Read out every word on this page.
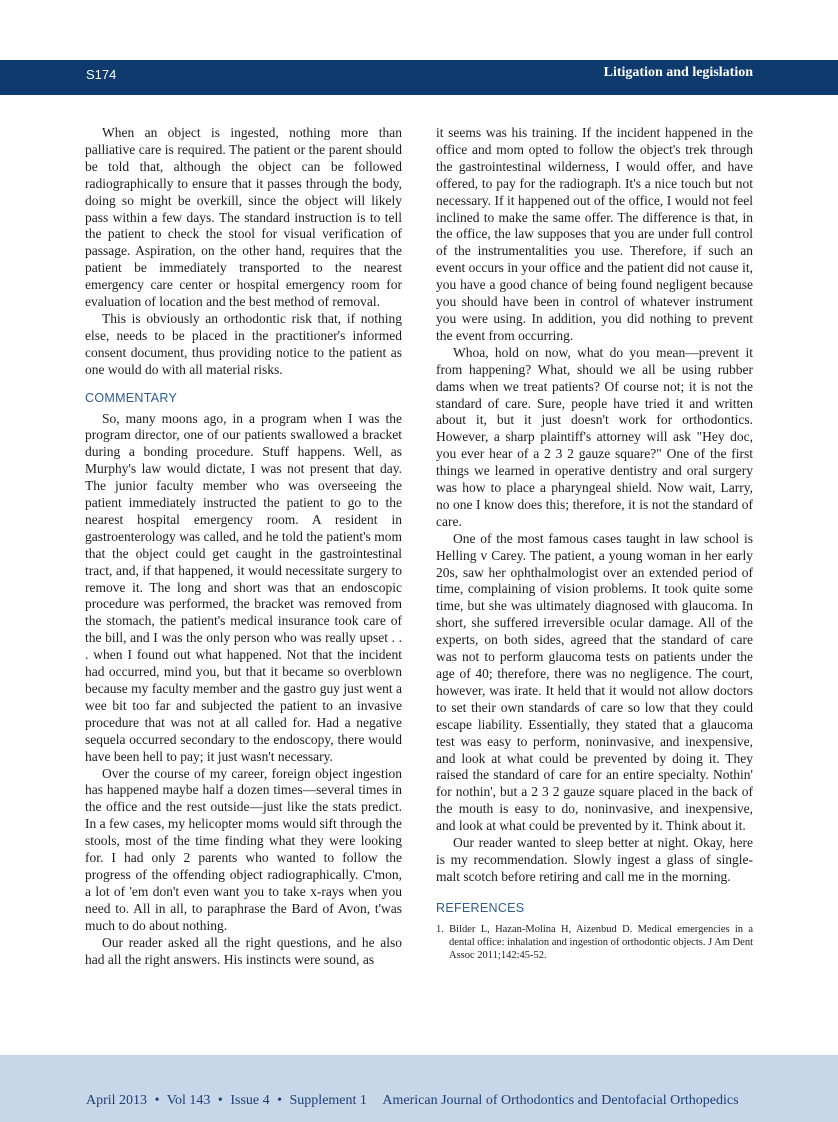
S174	Litigation and legislation

When an object is ingested, nothing more than palliative care is required. The patient or the parent should be told that, although the object can be followed radiographically to ensure that it passes through the body, doing so might be overkill, since the object will likely pass within a few days. The standard instruction is to tell the patient to check the stool for visual verification of passage. Aspiration, on the other hand, requires that the patient be immediately transported to the nearest emergency care center or hospital emergency room for evaluation of location and the best method of removal.

This is obviously an orthodontic risk that, if nothing else, needs to be placed in the practitioner's informed consent document, thus providing notice to the patient as one would do with all material risks.

COMMENTARY

So, many moons ago, in a program when I was the program director, one of our patients swallowed a bracket during a bonding procedure. Stuff happens. Well, as Murphy's law would dictate, I was not present that day. The junior faculty member who was overseeing the patient immediately instructed the patient to go to the nearest hospital emergency room. A resident in gastroenterology was called, and he told the patient's mom that the object could get caught in the gastrointestinal tract, and, if that happened, it would necessitate surgery to remove it. The long and short was that an endoscopic procedure was performed, the bracket was removed from the stomach, the patient's medical insurance took care of the bill, and I was the only person who was really upset . . . when I found out what happened. Not that the incident had occurred, mind you, but that it became so overblown because my faculty member and the gastro guy just went a wee bit too far and subjected the patient to an invasive procedure that was not at all called for. Had a negative sequela occurred secondary to the endoscopy, there would have been hell to pay; it just wasn't necessary.

Over the course of my career, foreign object ingestion has happened maybe half a dozen times—several times in the office and the rest outside—just like the stats predict. In a few cases, my helicopter moms would sift through the stools, most of the time finding what they were looking for. I had only 2 parents who wanted to follow the progress of the offending object radiographically. C'mon, a lot of 'em don't even want you to take x-rays when you need to. All in all, to paraphrase the Bard of Avon, t'was much to do about nothing.

Our reader asked all the right questions, and he also had all the right answers. His instincts were sound, as

it seems was his training. If the incident happened in the office and mom opted to follow the object's trek through the gastrointestinal wilderness, I would offer, and have offered, to pay for the radiograph. It's a nice touch but not necessary. If it happened out of the office, I would not feel inclined to make the same offer. The difference is that, in the office, the law supposes that you are under full control of the instrumentalities you use. Therefore, if such an event occurs in your office and the patient did not cause it, you have a good chance of being found negligent because you should have been in control of whatever instrument you were using. In addition, you did nothing to prevent the event from occurring.

Whoa, hold on now, what do you mean—prevent it from happening? What, should we all be using rubber dams when we treat patients? Of course not; it is not the standard of care. Sure, people have tried it and written about it, but it just doesn't work for orthodontics. However, a sharp plaintiff's attorney will ask "Hey doc, you ever hear of a 2 3 2 gauze square?" One of the first things we learned in operative dentistry and oral surgery was how to place a pharyngeal shield. Now wait, Larry, no one I know does this; therefore, it is not the standard of care.

One of the most famous cases taught in law school is Helling v Carey. The patient, a young woman in her early 20s, saw her ophthalmologist over an extended period of time, complaining of vision problems. It took quite some time, but she was ultimately diagnosed with glaucoma. In short, she suffered irreversible ocular damage. All of the experts, on both sides, agreed that the standard of care was not to perform glaucoma tests on patients under the age of 40; therefore, there was no negligence. The court, however, was irate. It held that it would not allow doctors to set their own standards of care so low that they could escape liability. Essentially, they stated that a glaucoma test was easy to perform, noninvasive, and inexpensive, and look at what could be prevented by doing it. They raised the standard of care for an entire specialty. Nothin' for nothin', but a 2 3 2 gauze square placed in the back of the mouth is easy to do, noninvasive, and inexpensive, and look at what could be prevented by it. Think about it.

Our reader wanted to sleep better at night. Okay, here is my recommendation. Slowly ingest a glass of single-malt scotch before retiring and call me in the morning.

REFERENCES
1. Bilder L, Hazan-Molina H, Aizenbud D. Medical emergencies in a dental office: inhalation and ingestion of orthodontic objects. J Am Dent Assoc 2011;142:45-52.
April 2013 • Vol 143 • Issue 4 • Supplement 1 American Journal of Orthodontics and Dentofacial Orthopedics
